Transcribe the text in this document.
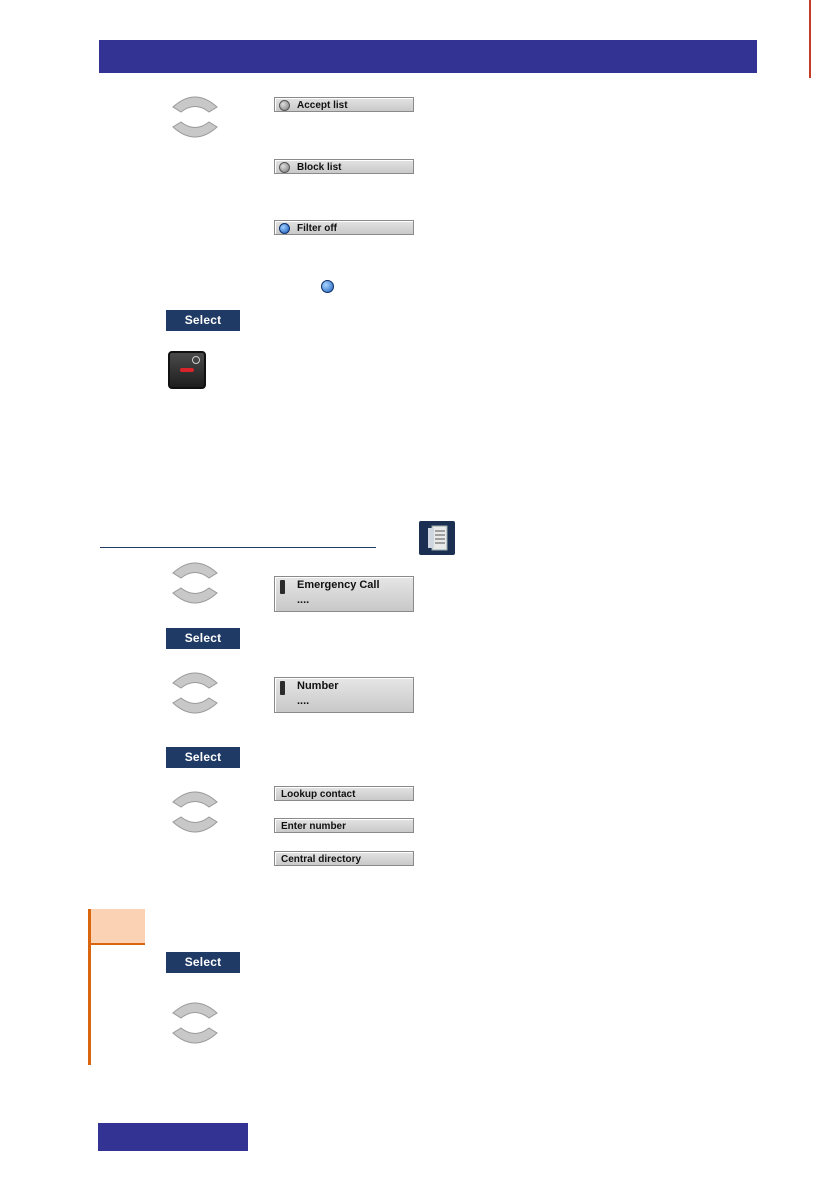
Accept list
Block list
Filter off
Select
Emergency Call
....
Select
Number
....
Select
Lookup contact
Enter number
Central directory
Select
